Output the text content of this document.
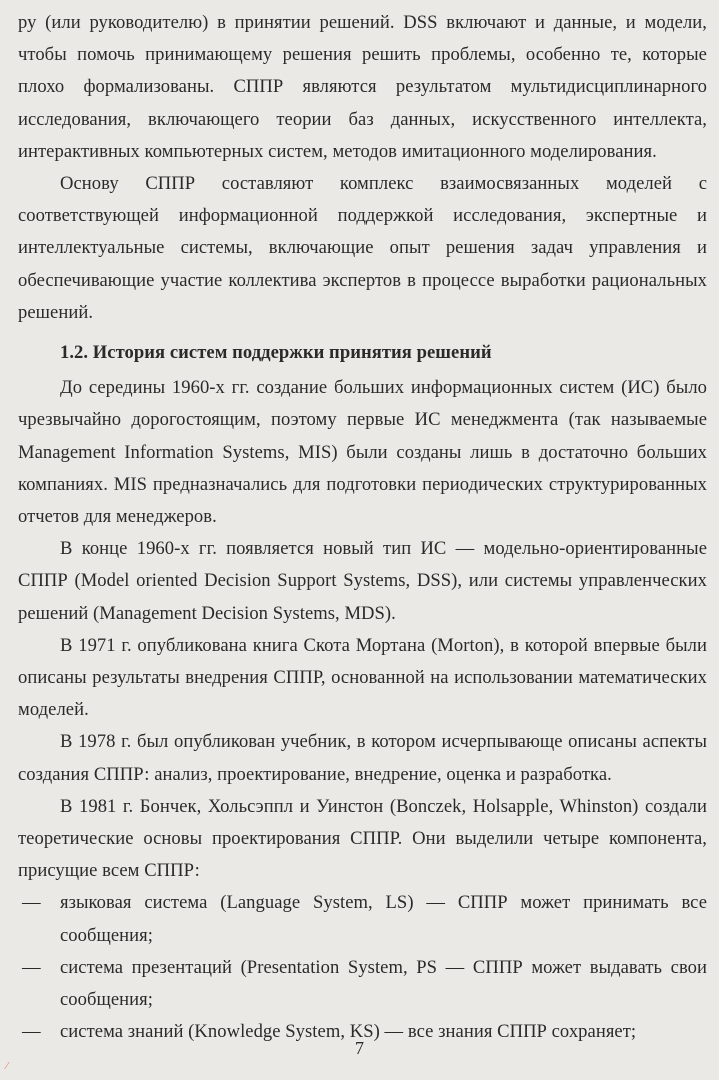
ру (или руководителю) в принятии решений. DSS включают и данные, и модели, чтобы помочь принимающему решения решить проблемы, особенно те, которые плохо формализованы. СППР являются результатом мультидисциплинарного исследования, включающего теории баз данных, искусственного интеллекта, интерактивных компьютерных систем, методов имитационного моделирования.

Основу СППР составляют комплекс взаимосвязанных моделей с соответствующей информационной поддержкой исследования, экспертные и интеллектуальные системы, включающие опыт решения задач управления и обеспечивающие участие коллектива экспертов в процессе выработки рациональных решений.

1.2. История систем поддержки принятия решений

До середины 1960-х гг. создание больших информационных систем (ИС) было чрезвычайно дорогостоящим, поэтому первые ИС менеджмента (так называемые Management Information Systems, MIS) были созданы лишь в достаточно больших компаниях. MIS предназначались для подготовки периодических структурированных отчетов для менеджеров.

В конце 1960-х гг. появляется новый тип ИС — модельно-ориентированные СППР (Model oriented Decision Support Systems, DSS), или системы управленческих решений (Management Decision Systems, MDS).

В 1971 г. опубликована книга Скота Мортана (Morton), в которой впервые были описаны результаты внедрения СППР, основанной на использовании математических моделей.

В 1978 г. был опубликован учебник, в котором исчерпывающе описаны аспекты создания СППР: анализ, проектирование, внедрение, оценка и разработка.

В 1981 г. Бончек, Хольсэппл и Уинстон (Bonczek, Holsapple, Whinston) создали теоретические основы проектирования СППР. Они выделили четыре компонента, присущие всем СППР:

—	языковая система (Language System, LS) — СППР может принимать все сообщения;
—	система презентаций (Presentation System, PS — СППР может выдавать свои сообщения;
—	система знаний (Knowledge System, KS) — все знания СППР сохраняет;
7
⁄
